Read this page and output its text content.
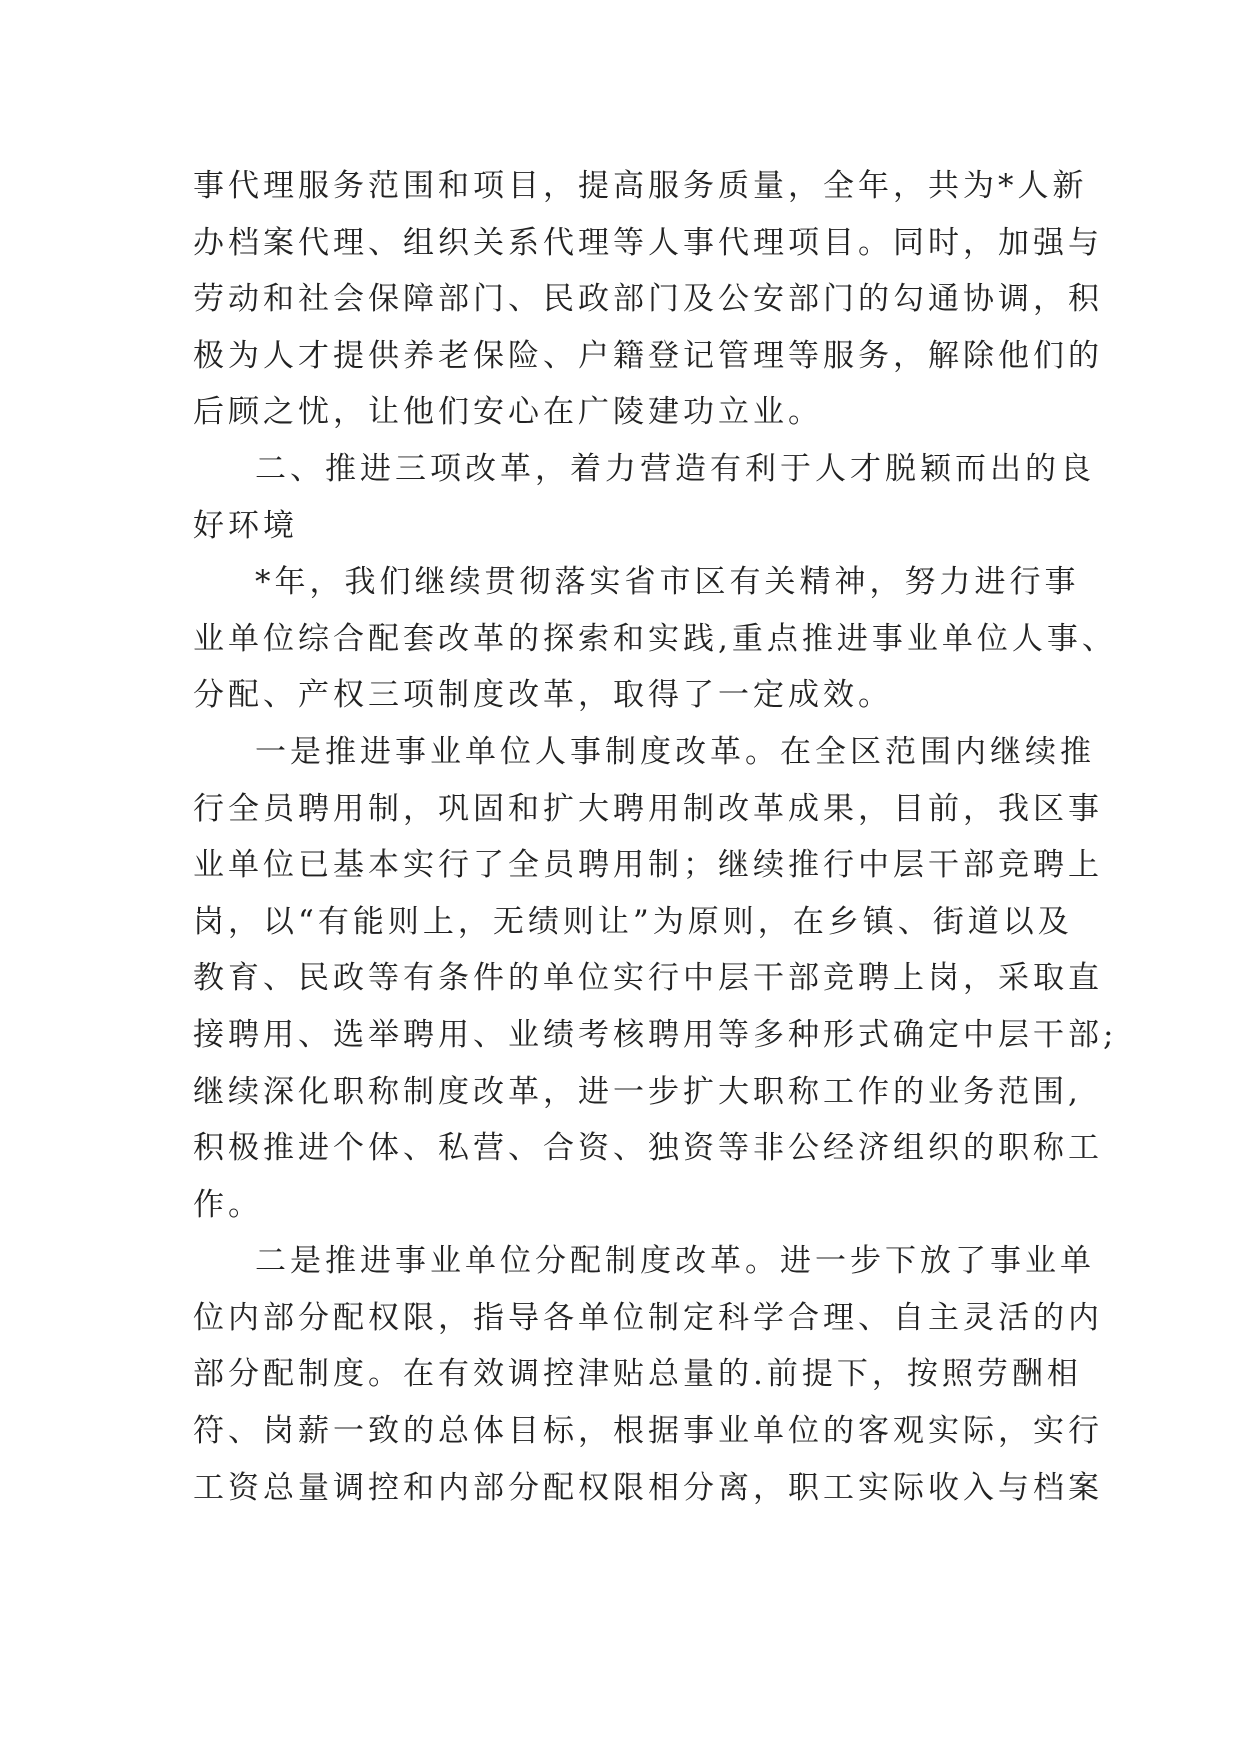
事代理服务范围和项目，提高服务质量，全年，共为*人新
办档案代理、组织关系代理等人事代理项目。同时，加强与
劳动和社会保障部门、民政部门及公安部门的勾通协调，积
极为人才提供养老保险、户籍登记管理等服务，解除他们的
后顾之忧，让他们安心在广陵建功立业。
二、推进三项改革，着力营造有利于人才脱颖而出的良
好环境
*年，我们继续贯彻落实省市区有关精神，努力进行事
业单位综合配套改革的探索和实践,重点推进事业单位人事、
分配、产权三项制度改革，取得了一定成效。
一是推进事业单位人事制度改革。在全区范围内继续推
行全员聘用制，巩固和扩大聘用制改革成果，目前，我区事
业单位已基本实行了全员聘用制；继续推行中层干部竞聘上
岗，以“有能则上，无绩则让”为原则，在乡镇、街道以及
教育、民政等有条件的单位实行中层干部竞聘上岗，采取直
接聘用、选举聘用、业绩考核聘用等多种形式确定中层干部;
继续深化职称制度改革，进一步扩大职称工作的业务范围,
积极推进个体、私营、合资、独资等非公经济组织的职称工
作。
二是推进事业单位分配制度改革。进一步下放了事业单
位内部分配权限，指导各单位制定科学合理、自主灵活的内
部分配制度。在有效调控津贴总量的.前提下，按照劳酬相
符、岗薪一致的总体目标，根据事业单位的客观实际，实行
工资总量调控和内部分配权限相分离，职工实际收入与档案
